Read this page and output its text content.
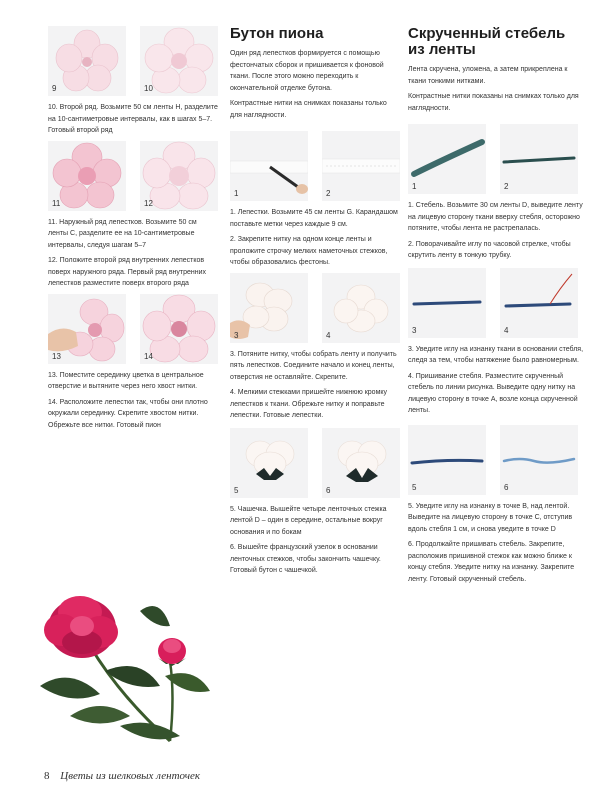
9	10

10. Второй ряд. Возьмите 50 см ленты Н, разделите на 10-сантиметровые интервалы, как в шагах 5–7. Готовый второй ряд

11	12

11. Наружный ряд лепестков. Возьмите 50 см ленты С, разделите ее на 10-сантиметровые интервалы, следуя шагам 5–7

12. Положите второй ряд внутренних лепестков поверх наружного ряда. Первый ряд внутренних лепестков разместите поверх второго ряда

13	14

13. Поместите серединку цветка в центральное отверстие и вытяните через него хвост нитки.

14. Расположите лепестки так, чтобы они плотно окружали серединку. Скрепите хвостом нитки. Обрежьте все нитки. Готовый пион

Бутон пиона

Один ряд лепестков формируется с помощью фестончатых сборок и пришивается к фоновой ткани. После этого можно переходить к окончательной отделке бутона.

Контрастные нитки на снимках показаны только для наглядности.

1	2

1. Лепестки. Возьмите 45 см ленты G. Карандашом поставьте метки через каждые 9 см.

2. Закрепите нитку на одном конце ленты и проложите строчку мелких наметочных стежков, чтобы образовались фестоны.

3	4

3. Потяните нитку, чтобы собрать ленту и получить пять лепестков. Соедините начало и конец ленты, отверстия не оставляйте. Скрепите.

4. Мелкими стежками пришейте нижнюю кромку лепестков к ткани. Обрежьте нитку и поправьте лепестки. Готовые лепестки.

5	6

5. Чашечка. Вышейте четыре ленточных стежка лентой D – один в середине, остальные вокруг основания и по бокам

6. Вышейте французский узелок в основании ленточных стежков, чтобы закончить чашечку. Готовый бутон с чашечкой.

Скрученный стебель из ленты

Лента скручена, уложена, а затем прикреплена к ткани тонкими нитками.

Контрастные нитки показаны на снимках только для наглядности.

1	2

1. Стебель. Возьмите 30 см ленты D, выведите ленту на лицевую сторону ткани вверху стебля, осторожно потяните, чтобы лента не растрепалась.

2. Поворачивайте иглу по часовой стрелке, чтобы скрутить ленту в тонкую трубку.

3	4

3. Уведите иглу на изнанку ткани в основании стебля, следя за тем, чтобы натяжение было равномерным.

4. Пришивание стебля. Разместите скрученный стебель по линии рисунка. Выведите одну нитку на лицевую сторону в точке А, возле конца скрученной ленты.

5	6

5. Уведите иглу на изнанку в точке B, над лентой. Выведите на лицевую сторону в точке С, отступив вдоль стебля 1 см, и снова уведите в точке D

6. Продолжайте пришивать стебель. Закрепите, расположив пришивной стежок как можно ближе к концу стебля. Уведите нитку на изнанку. Закрепите ленту. Готовый скрученный стебель.

8 Цветы из шелковых ленточек
